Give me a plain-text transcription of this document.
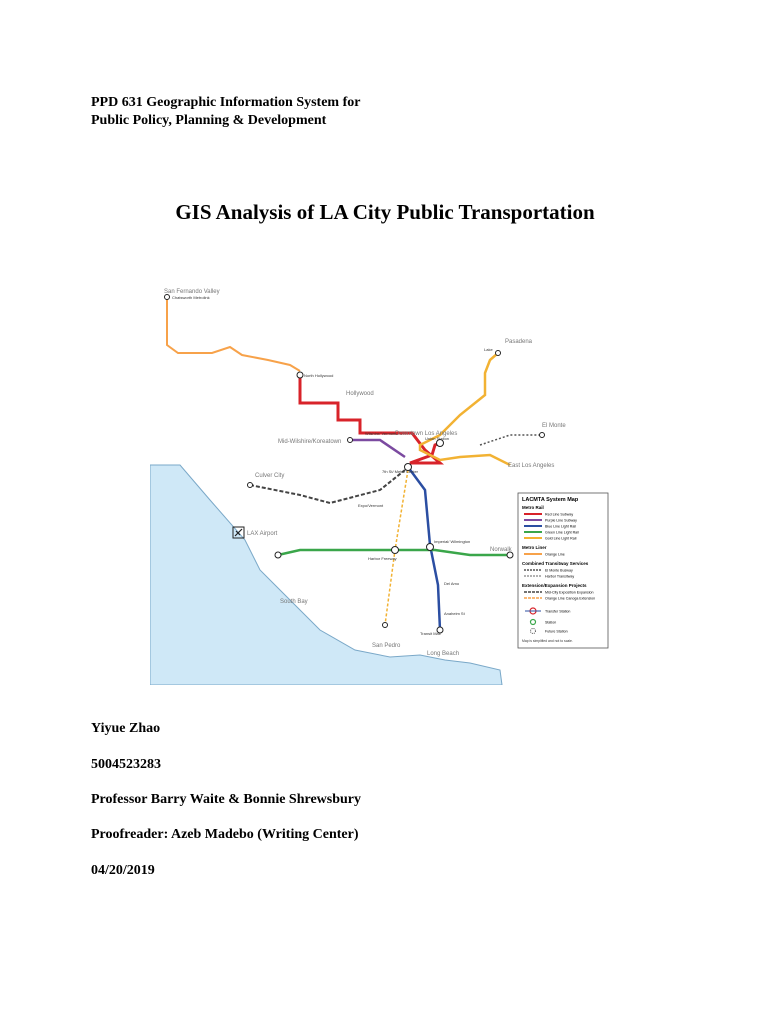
PPD 631 Geographic Information System for
Public Policy, Planning & Development
GIS Analysis of LA City Public Transportation
San Fernando Valley
Pasadena
Hollywood
Mid-Wilshire/Koreatown
Downtown Los Angeles
El Monte
Culver City
East Los Angeles
LAX Airport
Norwalk
South Bay
San Pedro
Long Beach
North Hollywood
Union Station
Wilshire/ Vermont
7th St/ Metro Center
Expo/Vermont
Harbor Freeway
Imperial/ Wilmington
Del Amo
Anaheim St
Transit Mall
Lake
Chatsworth Metrolink
LACMTA System Map
Metro Rail
Red Line Subway
Purple Line Subway
Blue Line Light Rail
Green Line Light Rail
Gold Line Light Rail
Metro Liner
Orange Line
Combined Transitway Services
El Monte Busway
Harbor Transitway
Extension/Expansion Projects
Mid-City Exposition Expansion
Orange Line Canoga Extension
Transfer Station
Station
Future Station
Map is simplified and not to scale.
Yiyue Zhao
5004523283
Professor Barry Waite & Bonnie Shrewsbury
Proofreader: Azeb Madebo (Writing Center)
04/20/2019
